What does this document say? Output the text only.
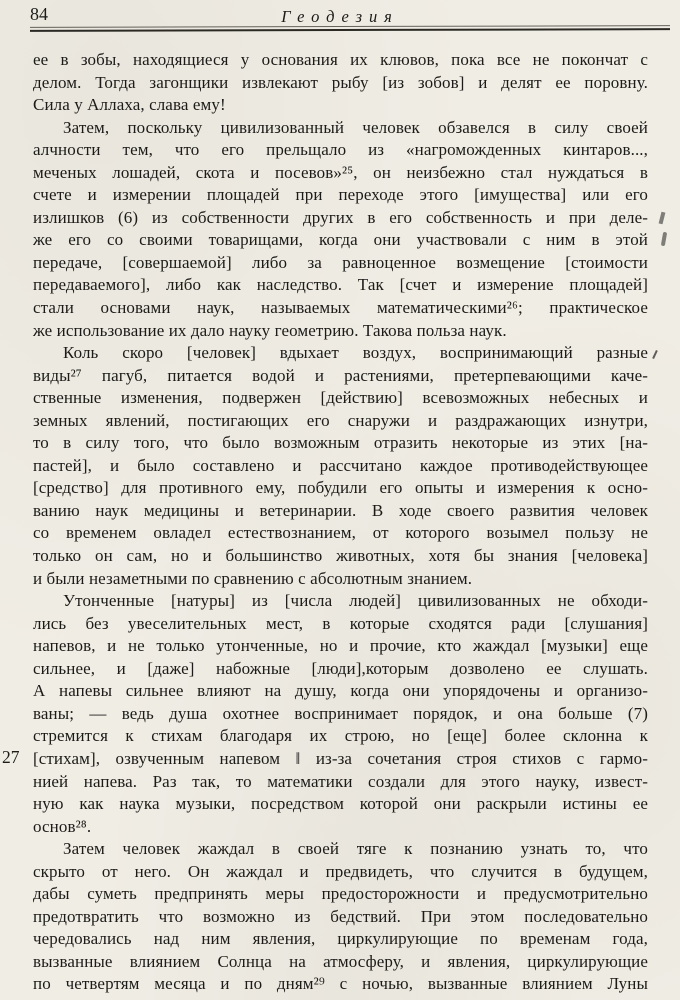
84	Геодезия
27
ее в зобы, находящиеся у основания их клювов, пока все не покончат с
делом. Тогда загонщики извлекают рыбу [из зобов] и делят ее поровну.
Сила у Аллаха, слава ему!
Затем, поскольку цивилизованный человек обзавелся в силу своей
алчности тем, что его прельщало из «нагроможденных кинтаров...,
меченых лошадей, скота и посевов»²⁵, он неизбежно стал нуждаться в
счете и измерении площадей при переходе этого [имущества] или его
излишков (6) из собственности других в его собственность и при деле-
же его со своими товарищами, когда они участвовали с ним в этой
передаче, [совершаемой] либо за равноценное возмещение [стоимости
передаваемого], либо как наследство. Так [счет и измерение площадей]
стали основами наук, называемых математическими²⁶; практическое
же использование их дало науку геометрию. Такова польза наук.
Коль скоро [человек] вдыхает воздух, воспринимающий разные
виды²⁷ пагуб, питается водой и растениями, претерпевающими каче-
ственные изменения, подвержен [действию] всевозможных небесных и
земных явлений, постигающих его снаружи и раздражающих изнутри,
то в силу того, что было возможным отразить некоторые из этих [на-
пастей], и было составлено и рассчитано каждое противодействующее
[средство] для противного ему, побудили его опыты и измерения к осно-
ванию наук медицины и ветеринарии. В ходе своего развития человек
со временем овладел естествознанием, от которого возымел пользу не
только он сам, но и большинство животных, хотя бы знания [человека]
и были незаметными по сравнению с абсолютным знанием.
Утонченные [натуры] из [числа людей] цивилизованных не обходи-
лись без увеселительных мест, в которые сходятся ради [слушания]
напевов, и не только утонченные, но и прочие, кто жаждал [музыки] еще
сильнее, и [даже] набожные [люди],которым дозволено ее слушать.
А напевы сильнее влияют на душу, когда они упорядочены и организо-
ваны; — ведь душа охотнее воспринимает порядок, и она больше (7)
стремится к стихам благодаря их строю, но [еще] более склонна к
[стихам], озвученным напевом ‖ из-за сочетания строя стихов с гармо-
нией напева. Раз так, то математики создали для этого науку, извест-
ную как наука музыки, посредством которой они раскрыли истины ее
основ²⁸.
Затем человек жаждал в своей тяге к познанию узнать то, что
скрыто от него. Он жаждал и предвидеть, что случится в будущем,
дабы суметь предпринять меры предосторожности и предусмотрительно
предотвратить что возможно из бедствий. При этом последовательно
чередовались над ним явления, циркулирующие по временам года,
вызванные влиянием Солнца на атмосферу, и явления, циркулирующие
по четвертям месяца и по дням²⁹ с ночью, вызванные влиянием Луны
